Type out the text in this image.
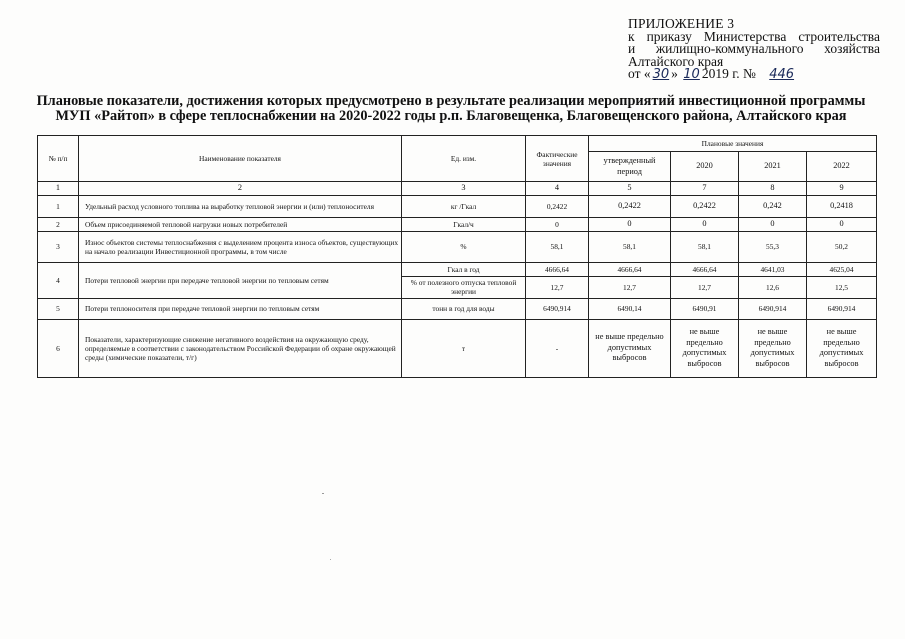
ПРИЛОЖЕНИЕ 3
к приказу Министерства строительства
и жилищно-коммунального хозяйства
Алтайского края
от « 30 » 10 2019 г. № 446
Плановые показатели, достижения которых предусмотрено в результате реализации мероприятий инвестиционной программы
МУП «Райтоп» в сфере теплоснабжении на 2020-2022 годы р.п. Благовещенка, Благовещенского района, Алтайского края
№ п/п	Наименование показателя	Ед. изм.	Фактические значения	Плановые значения			
				утвержденный период	2020	2021	2022
1	2	3	4	5	7	8	9
1	Удельный расход условного топлива на выработку тепловой энергии и (или) теплоносителя	кг /Гкал	0,2422	0,2422	0,2422	0,242	0,2418
2	Объем присоединяемой тепловой нагрузки новых потребителей	Гкал/ч	0	0	0	0	0
3	Износ объектов системы теплоснабжения с выделением процента износа объектов, существующих на начало реализации Инвестиционной программы, в том числе	%	58,1	58,1	58,1	55,3	50,2
4	Потери тепловой энергии при передаче тепловой энергии по тепловым сетям	Гкал в год	4666,64	4666,64	4666,64	4641,03	4625,04
		% от полезного отпуска тепловой энергии	12,7	12,7	12,7	12,6	12,5
5	Потери теплоносителя при передаче тепловой энергии по тепловым сетям	тонн в год для воды	6490,914	6490,14	6490,91	6490,914	6490,914
6	Показатели, характеризующие снижение негативного воздействия на окружающую среду, определяемые в соответствии с законодательством Российской Федерации об охране окружающей среды (химические показатели, т/г)	т	-	не выше предельно допустимых выбросов	не выше предельно допустимых выбросов	не выше предельно допустимых выбросов	не выше предельно допустимых выбросов
